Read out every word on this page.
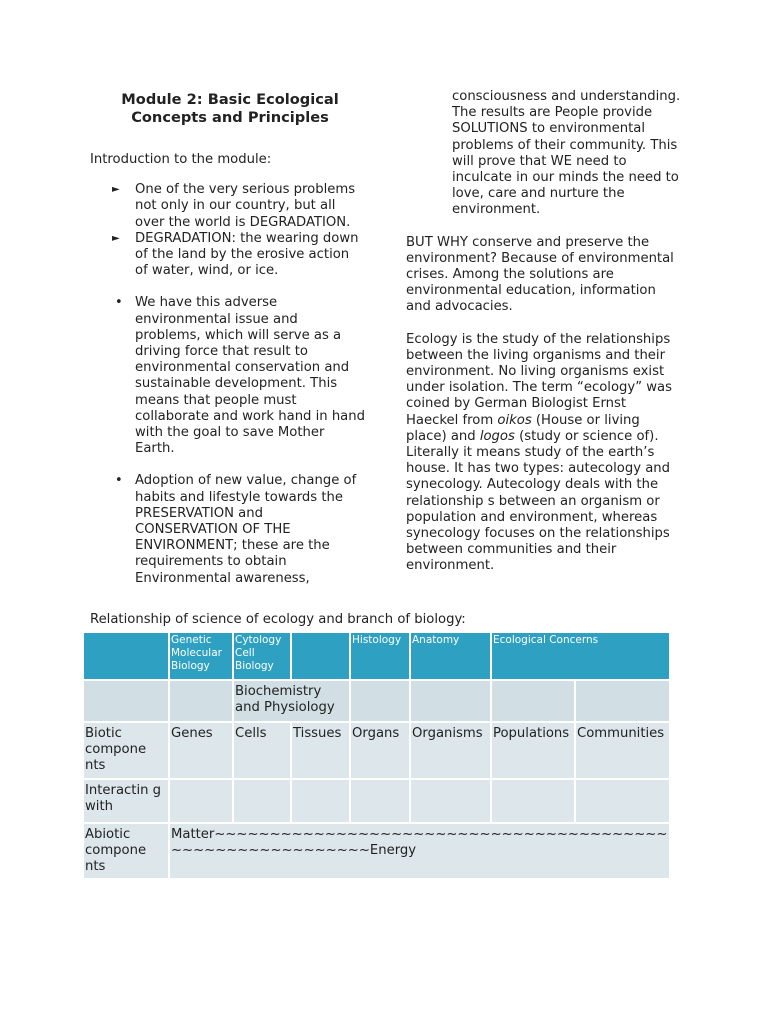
Module 2: Basic Ecological Concepts and Principles

Introduction to the module:

► One of the very serious problems not only in our country, but all over the world is DEGRADATION.
► DEGRADATION: the wearing down of the land by the erosive action of water, wind, or ice.
• We have this adverse environmental issue and problems, which will serve as a driving force that result to environmental conservation and sustainable development. This means that people must collaborate and work hand in hand with the goal to save Mother Earth.
• Adoption of new value, change of habits and lifestyle towards the PRESERVATION and CONSERVATION OF THE ENVIRONMENT; these are the requirements to obtain Environmental awareness,

consciousness and understanding. The results are People provide SOLUTIONS to environmental problems of their community. This will prove that WE need to inculcate in our minds the need to love, care and nurture the environment.

BUT WHY conserve and preserve the environment? Because of environmental crises. Among the solutions are environmental education, information and advocacies.

Ecology is the study of the relationships between the living organisms and their environment. No living organisms exist under isolation. The term “ecology” was coined by German Biologist Ernst Haeckel from oikos (House or living place) and logos (study or science of). Literally it means study of the earth’s house. It has two types: autecology and synecology. Autecology deals with the relationship s between an organism or population and environment, whereas synecology focuses on the relationships between communities and their environment.

Relationship of science of ecology and branch of biology:
	Genetic Molecular Biology	Cytology Cell Biology		Histology	Anatomy	Ecological Concerns	
		Biochemistry and Physiology					
Biotic compone nts	Genes	Cells	Tissues	Organs	Organisms	Populations	Communities
Interactin g with							
Abiotic compone nts	Matter~~~~~~~~~~~~~~~~~~~~~~~~~~~~~~~~~~~~~~~~~~~~~~~~~~~~~~~~~~~Energy						
